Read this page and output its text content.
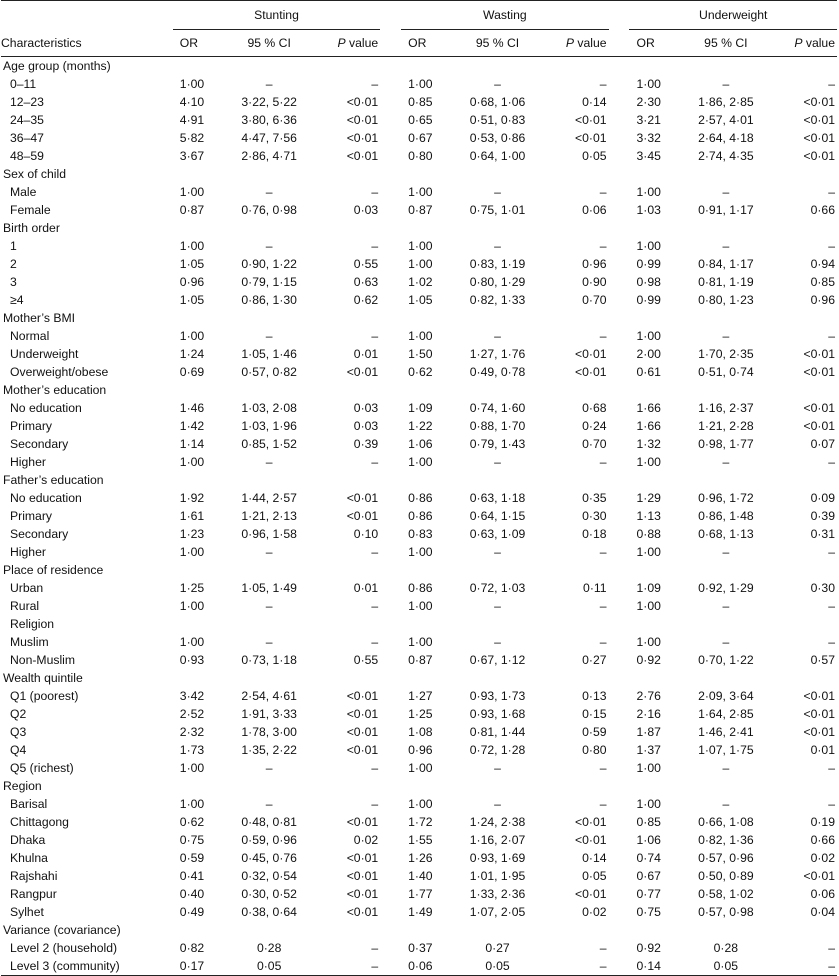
	Stunting				Wasting				Underweight		
Characteristics	OR	95 % CI	P value		OR	95 % CI	P value		OR	95 % CI	P value
Age group (months)											
0–11	1·00	–	–		1·00	–	–		1·00	–	–
12–23	4·10	3·22, 5·22	<0·01		0·85	0·68, 1·06	0·14		2·30	1·86, 2·85	<0·01
24–35	4·91	3·80, 6·36	<0·01		0·65	0·51, 0·83	<0·01		3·21	2·57, 4·01	<0·01
36–47	5·82	4·47, 7·56	<0·01		0·67	0·53, 0·86	<0·01		3·32	2·64, 4·18	<0·01
48–59	3·67	2·86, 4·71	<0·01		0·80	0·64, 1·00	0·05		3·45	2·74, 4·35	<0·01
Sex of child											
Male	1·00	–	–		1·00	–	–		1·00	–	–
Female	0·87	0·76, 0·98	0·03		0·87	0·75, 1·01	0·06		1·03	0·91, 1·17	0·66
Birth order											
1	1·00	–	–		1·00	–	–		1·00	–	–
2	1·05	0·90, 1·22	0·55		1·00	0·83, 1·19	0·96		0·99	0·84, 1·17	0·94
3	0·96	0·79, 1·15	0·63		1·02	0·80, 1·29	0·90		0·98	0·81, 1·19	0·85
≥4	1·05	0·86, 1·30	0·62		1·05	0·82, 1·33	0·70		0·99	0·80, 1·23	0·96
Mother’s BMI											
Normal	1·00	–	–		1·00	–	–		1·00	–	–
Underweight	1·24	1·05, 1·46	0·01		1·50	1·27, 1·76	<0·01		2·00	1·70, 2·35	<0·01
Overweight/obese	0·69	0·57, 0·82	<0·01		0·62	0·49, 0·78	<0·01		0·61	0·51, 0·74	<0·01
Mother’s education											
No education	1·46	1·03, 2·08	0·03		1·09	0·74, 1·60	0·68		1·66	1·16, 2·37	<0·01
Primary	1·42	1·03, 1·96	0·03		1·22	0·88, 1·70	0·24		1·66	1·21, 2·28	<0·01
Secondary	1·14	0·85, 1·52	0·39		1·06	0·79, 1·43	0·70		1·32	0·98, 1·77	0·07
Higher	1·00	–	–		1·00	–	–		1·00	–	–
Father’s education											
No education	1·92	1·44, 2·57	<0·01		0·86	0·63, 1·18	0·35		1·29	0·96, 1·72	0·09
Primary	1·61	1·21, 2·13	<0·01		0·86	0·64, 1·15	0·30		1·13	0·86, 1·48	0·39
Secondary	1·23	0·96, 1·58	0·10		0·83	0·63, 1·09	0·18		0·88	0·68, 1·13	0·31
Higher	1·00	–	–		1·00	–	–		1·00	–	–
Place of residence											
Urban	1·25	1·05, 1·49	0·01		0·86	0·72, 1·03	0·11		1·09	0·92, 1·29	0·30
Rural	1·00	–	–		1·00	–	–		1·00	–	–
Religion											
Muslim	1·00	–	–		1·00	–	–		1·00	–	–
Non-Muslim	0·93	0·73, 1·18	0·55		0·87	0·67, 1·12	0·27		0·92	0·70, 1·22	0·57
Wealth quintile											
Q1 (poorest)	3·42	2·54, 4·61	<0·01		1·27	0·93, 1·73	0·13		2·76	2·09, 3·64	<0·01
Q2	2·52	1·91, 3·33	<0·01		1·25	0·93, 1·68	0·15		2·16	1·64, 2·85	<0·01
Q3	2·32	1·78, 3·00	<0·01		1·08	0·81, 1·44	0·59		1·87	1·46, 2·41	<0·01
Q4	1·73	1·35, 2·22	<0·01		0·96	0·72, 1·28	0·80		1·37	1·07, 1·75	0·01
Q5 (richest)	1·00	–	–		1·00	–	–		1·00	–	–
Region											
Barisal	1·00	–	–		1·00	–	–		1·00	–	–
Chittagong	0·62	0·48, 0·81	<0·01		1·72	1·24, 2·38	<0·01		0·85	0·66, 1·08	0·19
Dhaka	0·75	0·59, 0·96	0·02		1·55	1·16, 2·07	<0·01		1·06	0·82, 1·36	0·66
Khulna	0·59	0·45, 0·76	<0·01		1·26	0·93, 1·69	0·14		0·74	0·57, 0·96	0·02
Rajshahi	0·41	0·32, 0·54	<0·01		1·40	1·01, 1·95	0·05		0·67	0·50, 0·89	<0·01
Rangpur	0·40	0·30, 0·52	<0·01		1·77	1·33, 2·36	<0·01		0·77	0·58, 1·02	0·06
Sylhet	0·49	0·38, 0·64	<0·01		1·49	1·07, 2·05	0·02		0·75	0·57, 0·98	0·04
Variance (covariance)											
Level 2 (household)	0·82	0·28	–		0·37	0·27	–		0·92	0·28	–
Level 3 (community)	0·17	0·05	–		0·06	0·05	–		0·14	0·05	–
